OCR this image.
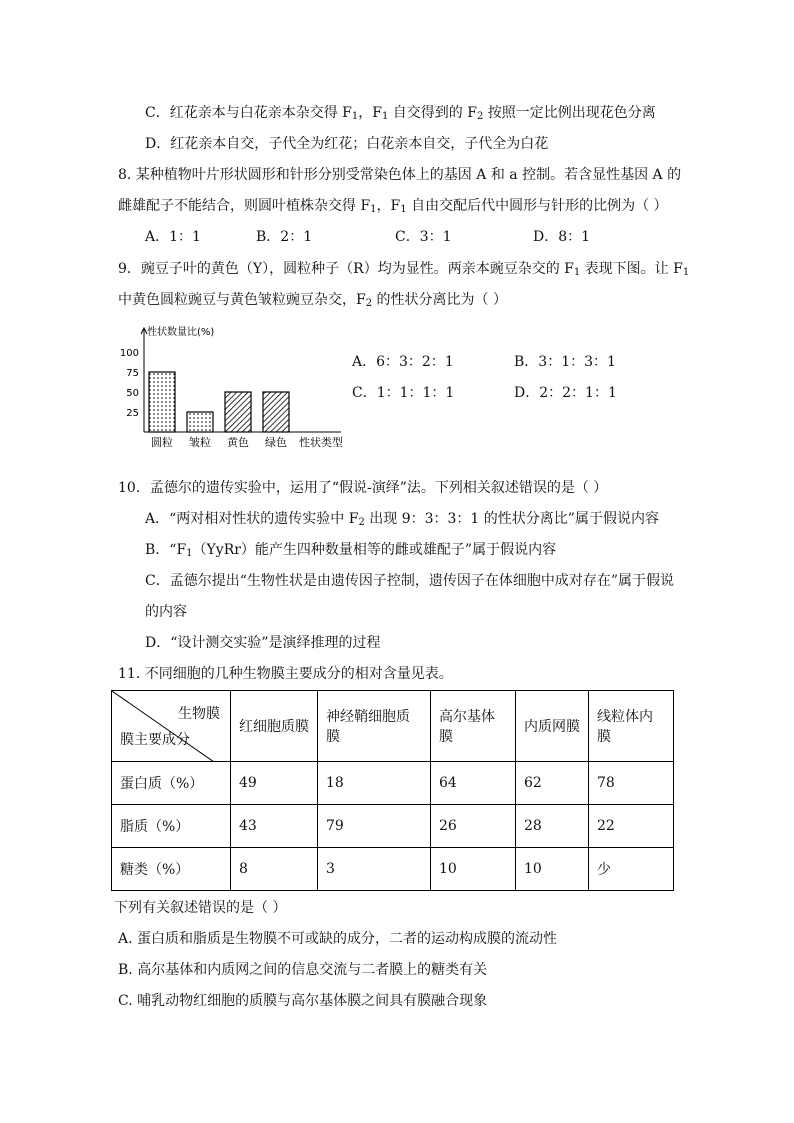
C．红花亲本与白花亲本杂交得 $F_1$，$F_1$ 自交得到的 $F_2$ 按照一定比例出现花色分离
D．红花亲本自交，子代全为红花；白花亲本自交，子代全为白花
8. 某种植物叶片形状圆形和针形分别受常染色体上的基因 A 和 a 控制。若含显性基因 A 的
雌雄配子不能结合，则圆叶植株杂交得 $F_1$，$F_1$ 自由交配后代中圆形与针形的比例为（ ）
A．1：1	B．2：1	C．3：1	D．8：1
9．豌豆子叶的黄色（Y），圆粒种子（R）均为显性。两亲本豌豆杂交的 $F_1$ 表现下图。让 $F_1$
中黄色圆粒豌豆与黄色皱粒豌豆杂交，$F_2$ 的性状分离比为（ ）
性状数量比(%)
25
50
75
100
圆粒 皱粒 黄色 绿色 性状类型
A．6：3：2：1	B．3：1：3：1
C．1：1：1：1	D．2：2：1：1
10．孟德尔的遗传实验中，运用了“假说-演绎”法。下列相关叙述错误的是（ ）
A．“两对相对性状的遗传实验中 $F_2$ 出现 9：3：3：1 的性状分离比”属于假说内容
B．“$F_1(YyRr)$能产生四种数量相等的雌或雄配子”属于假说内容
C．孟德尔提出“生物性状是由遗传因子控制，遗传因子在体细胞中成对存在”属于假说
的内容
D．“设计测交实验”是演绎推理的过程
11. 不同细胞的几种生物膜主要成分的相对含量见表。
生物膜
膜主要成分	红细胞质膜	神经鞘细胞质膜	高尔基体膜	内质网膜	线粒体内膜
蛋白质（%）	49	18	64	62	78
脂质（%）	43	79	26	28	22
糖类（%）	8	3	10	10	少
下列有关叙述错误的是（ ）
A. 蛋白质和脂质是生物膜不可或缺的成分，二者的运动构成膜的流动性
B. 高尔基体和内质网之间的信息交流与二者膜上的糖类有关
C. 哺乳动物红细胞的质膜与高尔基体膜之间具有膜融合现象
